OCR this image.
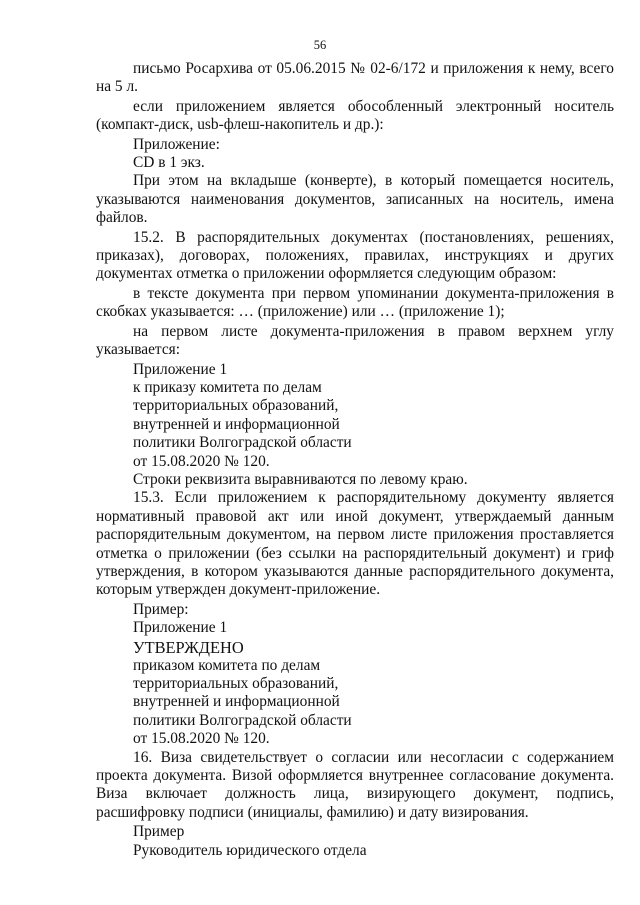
56

письмо Росархива от 05.06.2015 № 02-6/172 и приложения к нему, всего на 5 л.

если приложением является обособленный электронный носитель (компакт-диск, usb-флеш-накопитель и др.):

Приложение:

CD в 1 экз.

При этом на вкладыше (конверте), в который помещается носитель, указываются наименования документов, записанных на носитель, имена файлов.

15.2. В распорядительных документах (постановлениях, решениях, приказах), договорах, положениях, правилах, инструкциях и других документах отметка о приложении оформляется следующим образом:

в тексте документа при первом упоминании документа-приложения в скобках указывается: … (приложение) или … (приложение 1);

на первом листе документа-приложения в правом верхнем углу указывается:

Приложение 1

к приказу комитета по делам

территориальных образований,

внутренней и информационной

политики Волгоградской области

от 15.08.2020 № 120.

Строки реквизита выравниваются по левому краю.

15.3. Если приложением к распорядительному документу является нормативный правовой акт или иной документ, утверждаемый данным распорядительным документом, на первом листе приложения проставляется отметка о приложении (без ссылки на распорядительный документ) и гриф утверждения, в котором указываются данные распорядительного документа, которым утвержден документ-приложение.

Пример:

Приложение 1

УТВЕРЖДЕНО

приказом комитета по делам

территориальных образований,

внутренней и информационной

политики Волгоградской области

от 15.08.2020 № 120.

16. Виза свидетельствует о согласии или несогласии с содержанием проекта документа. Визой оформляется внутреннее согласование документа. Виза включает должность лица, визирующего документ, подпись, расшифровку подписи (инициалы, фамилию) и дату визирования.

Пример

Руководитель юридического отдела
